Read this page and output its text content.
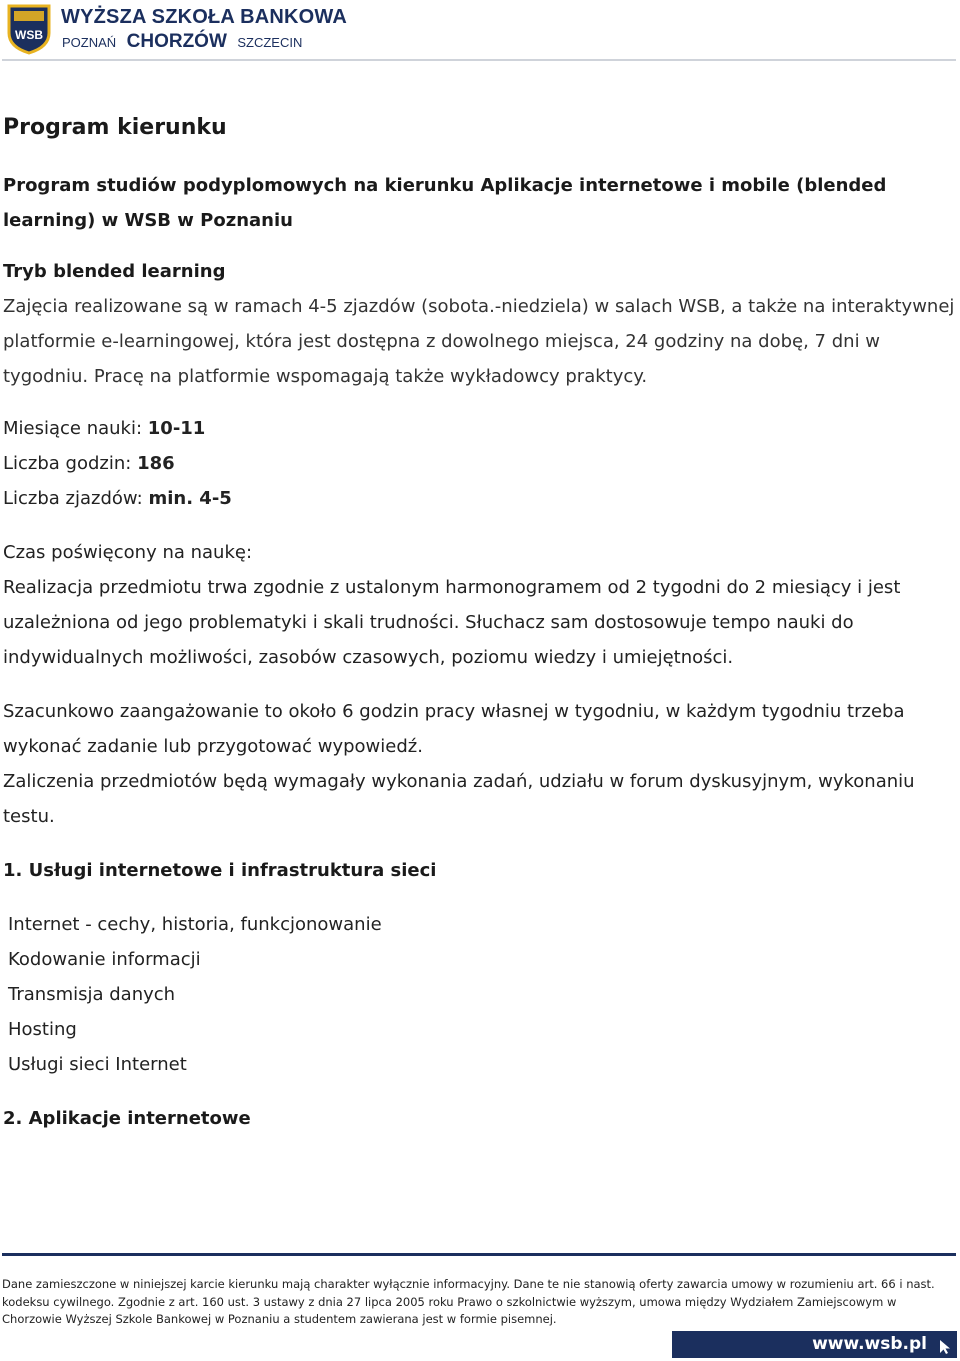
WSB
WYŻSZA SZKOŁA BANKOWA
POZNAŃ CHORZÓW SZCZECIN
Program kierunku

Program studiów podyplomowych na kierunku Aplikacje internetowe i mobile (blended learning) w WSB w Poznaniu

Tryb blended learning

Zajęcia realizowane są w ramach 4-5 zjazdów (sobota.-niedziela) w salach WSB, a także na interaktywnej platformie e-learningowej, która jest dostępna z dowolnego miejsca, 24 godziny na dobę, 7 dni w tygodniu. Pracę na platformie wspomagają także wykładowcy praktycy.

Miesiące nauki: 10-11
Liczba godzin: 186
Liczba zjazdów: min. 4-5

Czas poświęcony na naukę:

Realizacja przedmiotu trwa zgodnie z ustalonym harmonogramem od 2 tygodni do 2 miesiący i jest uzależniona od jego problematyki i skali trudności. Słuchacz sam dostosowuje tempo nauki do indywidualnych możliwości, zasobów czasowych, poziomu wiedzy i umiejętności.

Szacunkowo zaangażowanie to około 6 godzin pracy własnej w tygodniu, w każdym tygodniu trzeba wykonać zadanie lub przygotować wypowiedź.

Zaliczenia przedmiotów będą wymagały wykonania zadań, udziału w forum dyskusyjnym, wykonaniu testu.

1. Usługi internetowe i infrastruktura sieci

Internet - cechy, historia, funkcjonowanie
Kodowanie informacji
Transmisja danych
Hosting
Usługi sieci Internet

2. Aplikacje internetowe

Dane zamieszczone w niniejszej karcie kierunku mają charakter wyłącznie informacyjny. Dane te nie stanowią oferty zawarcia umowy w rozumieniu art. 66 i nast. kodeksu cywilnego. Zgodnie z art. 160 ust. 3 ustawy z dnia 27 lipca 2005 roku Prawo o szkolnictwie wyższym, umowa między Wydziałem Zamiejscowym w Chorzowie Wyższej Szkole Bankowej w Poznaniu a studentem zawierana jest w formie pisemnej.

www.wsb.pl
